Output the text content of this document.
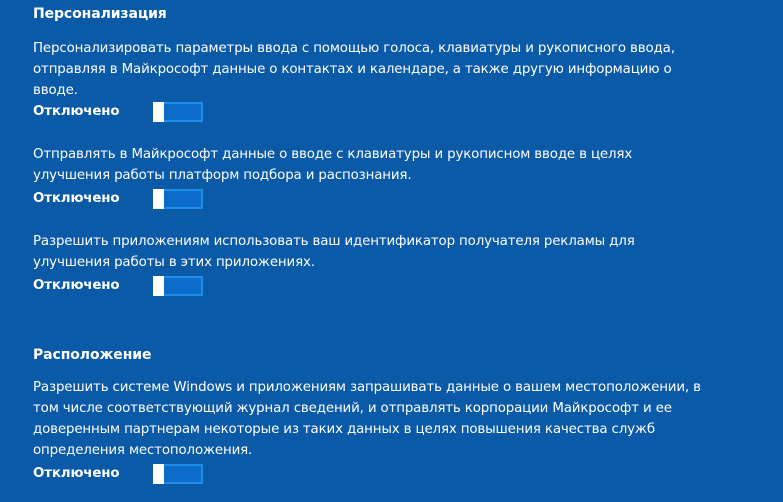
Персонализация
Персонализировать параметры ввода с помощью голоса, клавиатуры и рукописного ввода,
отправляя в Майкрософт данные о контактах и календаре, а также другую информацию о
вводе.
Отключено
Отправлять в Майкрософт данные о вводе с клавиатуры и рукописном вводе в целях
улучшения работы платформ подбора и распознания.
Отключено
Разрешить приложениям использовать ваш идентификатор получателя рекламы для
улучшения работы в этих приложениях.
Отключено
Расположение
Разрешить системе Windows и приложениям запрашивать данные о вашем местоположении, в
том числе соответствующий журнал сведений, и отправлять корпорации Майкрософт и ее
доверенным партнерам некоторые из таких данных в целях повышения качества служб
определения местоположения.
Отключено
